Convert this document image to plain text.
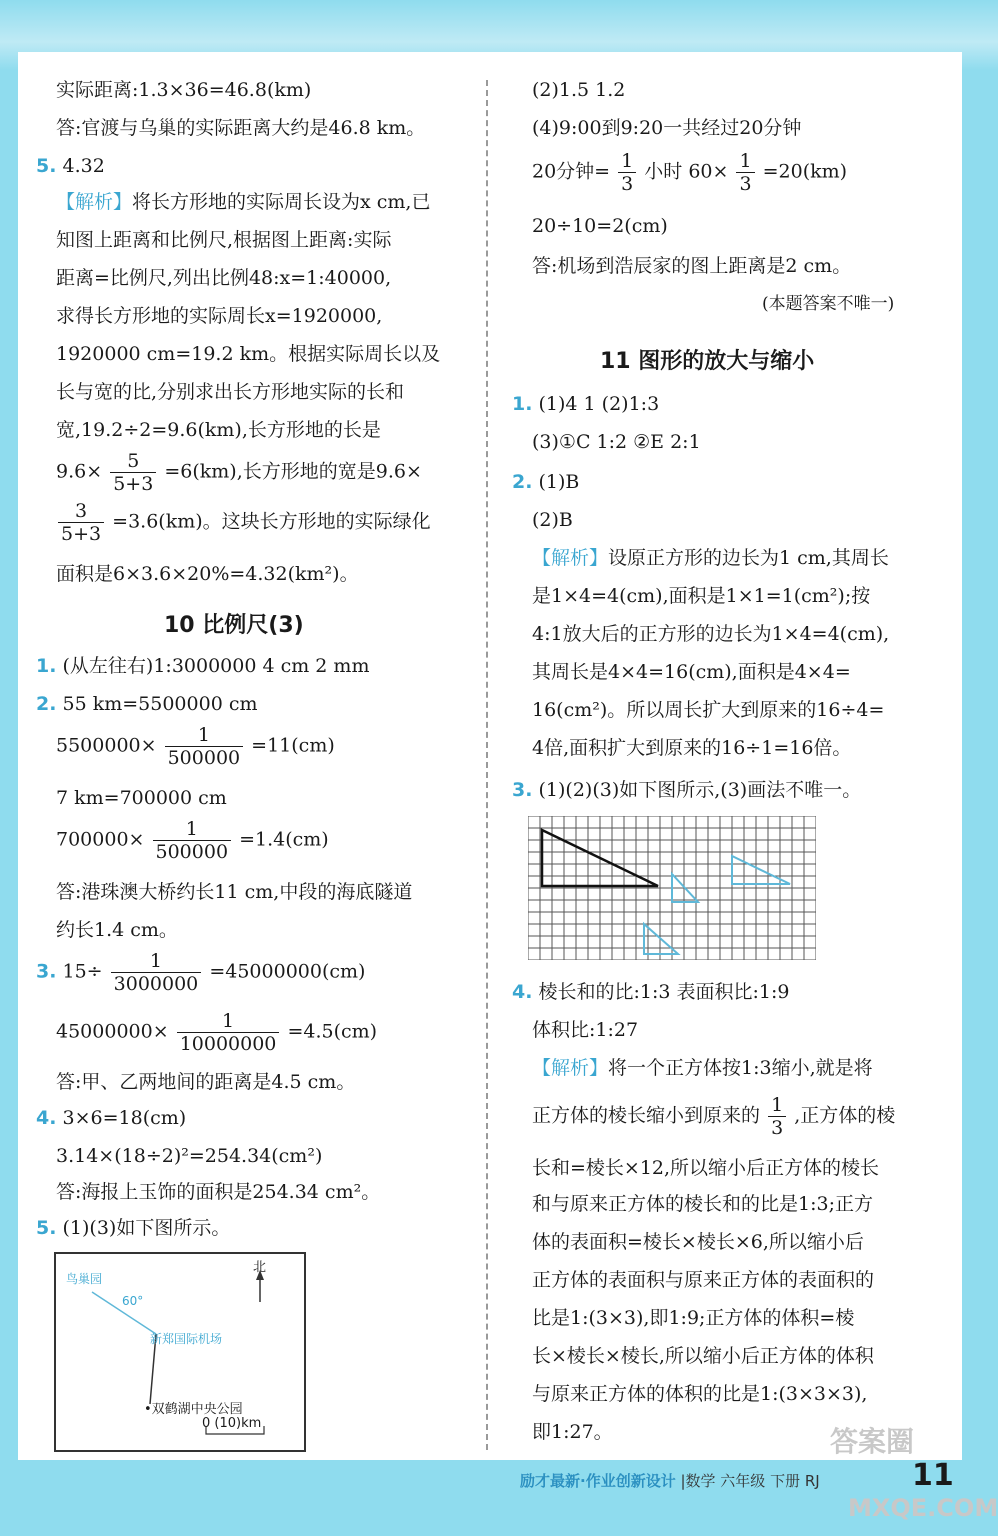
实际距离:1.3×36=46.8(km)
答:官渡与乌巢的实际距离大约是46.8 km。
5. 4.32
【解析】将长方形地的实际周长设为x cm,已
知图上距离和比例尺,根据图上距离:实际
距离=比例尺,列出比例48:x=1:40000,
求得长方形地的实际周长x=1920000,
1920000 cm=19.2 km。根据实际周长以及
长与宽的比,分别求出长方形地实际的长和
宽,19.2÷2=9.6(km),长方形地的长是
$9.6\times \frac{5}{5+3} =6(km)$,长方形地的宽是9.6×
$\frac{3}{5+3} =3.6(km)$。这块长方形地的实际绿化
面积是6×3.6×20%=4.32(km²)。
10 比例尺(3)
1. (从左往右)1:3000000 4 cm 2 mm
2. 55 km=5500000 cm
$5500000\times \frac{1}{500000} =11(cm)$
7 km=700000 cm
$700000\times \frac{1}{500000} =1.4(cm)$
答:港珠澳大桥约长11 cm,中段的海底隧道
约长1.4 cm。
3. $15\div \frac{1}{3000000} =45000000(cm)$
$45000000\times \frac{1}{10000000} =4.5(cm)$
答:甲、乙两地间的距离是4.5 cm。
4. 3×6=18(cm)
3.14×(18÷2)²=254.34(cm²)
答:海报上玉饰的面积是254.34 cm²。
5. (1)(3)如下图所示。
鸟巢园
60°
新郑国际机场
•双鹤湖中央公园
北
0 (10)km
(2)1.5 1.2
(4)9:00到9:20一共经过20分钟
20分钟= $\frac{1}{3}$ 小时 $60\times \frac{1}{3} =20(km)$
20÷10=2(cm)
答:机场到浩辰家的图上距离是2 cm。
(本题答案不唯一)
11 图形的放大与缩小
1. (1)4 1 (2)1:3
(3)①C 1:2 ②E 2:1
2. (1)B
(2)B
【解析】设原正方形的边长为1 cm,其周长
是1×4=4(cm),面积是1×1=1(cm²);按
4:1放大后的正方形的边长为1×4=4(cm),
其周长是4×4=16(cm),面积是4×4=
16(cm²)。所以周长扩大到原来的16÷4=
4倍,面积扩大到原来的16÷1=16倍。
3. (1)(2)(3)如下图所示,(3)画法不唯一。
4. 棱长和的比:1:3 表面积比:1:9
体积比:1:27
【解析】将一个正方体按1:3缩小,就是将
正方体的棱长缩小到原来的 $\frac{1}{3}$ ,正方体的棱
长和=棱长×12,所以缩小后正方体的棱长
和与原来正方体的棱长和的比是1:3;正方
体的表面积=棱长×棱长×6,所以缩小后
正方体的表面积与原来正方体的表面积的
比是1:(3×3),即1:9;正方体的体积=棱
长×棱长×棱长,所以缩小后正方体的体积
与原来正方体的体积的比是1:(3×3×3),
即1:27。
励才最新·作业创新设计 |数学 六年级 下册 RJ	11
答案圈
MXQE.COM
